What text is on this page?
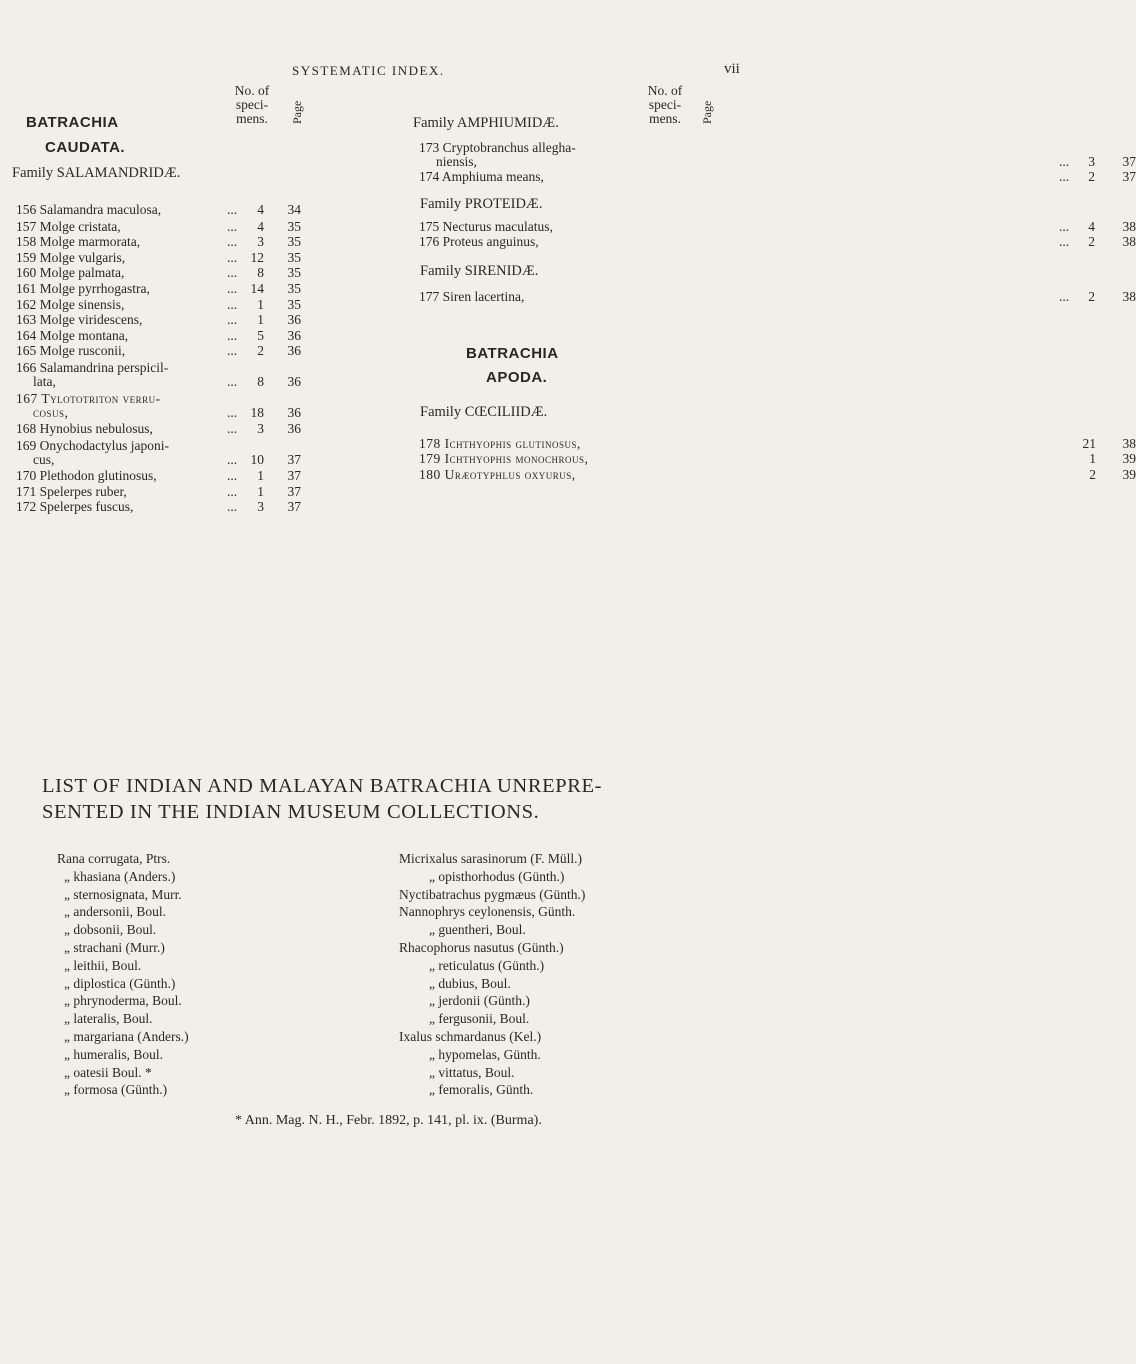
SYSTEMATIC INDEX.	vii
No. of
speci-
mens.	Page
No. of
speci-
mens.	Page
BATRACHIA
CAUDATA.
Family SALAMANDRIDÆ.
156 Salamandra maculosa,	...	4	34
157 Molge cristata,	...	4	35
158 Molge marmorata,	...	3	35
159 Molge vulgaris,	... 12	35
160 Molge palmata,	...	8	35
161 Molge pyrrhogastra,	... 14	35
162 Molge sinensis,	...	1	35
163 Molge viridescens,	...	1	36
164 Molge montana,	...	5	36
165 Molge rusconii,	...	2	36
166 Salamandrina perspicil-
lata,	...	8	36
167 Tylototriton verru-
cosus,	... 18	36
168 Hynobius nebulosus,	...	3	36
169 Onychodactylus japoni-
cus,	... 10	37
170 Plethodon glutinosus,	...	1	37
171 Spelerpes ruber,	...	1	37
172 Spelerpes fuscus,	...	3	37
Family AMPHIUMIDÆ.
Family PROTEIDÆ.
Family SIRENIDÆ.
BATRACHIA
APODA.
Family CŒCILIIDÆ.
173 Cryptobranchus allegha-
niensis,	...	3	37
174 Amphiuma means,	...	2	37
175 Necturus maculatus,	...	4	38
176 Proteus anguinus,	...	2	38
177 Siren lacertina,	...	2	38
178 Ichthyophis glutinosus,	21	38
179 Ichthyophis monochrous,	1	39
180 Uræotyphlus oxyurus,	2	39
LIST OF INDIAN AND MALAYAN BATRACHIA UNREPRE-
SENTED IN THE INDIAN MUSEUM COLLECTIONS.
Rana corrugata, Ptrs.
„ khasiana (Anders.)
„ sternosignata, Murr.
„ andersonii, Boul.
„ dobsonii, Boul.
„ strachani (Murr.)
„ leithii, Boul.
„ diplostica (Günth.)
„ phrynoderma, Boul.
„ lateralis, Boul.
„ margariana (Anders.)
„ humeralis, Boul.
„ oatesii Boul. *
„ formosa (Günth.)
Micrixalus sarasinorum (F. Müll.)
„ opisthorhodus (Günth.)
Nyctibatrachus pygmæus (Günth.)
Nannophrys ceylonensis, Günth.
„ guentheri, Boul.
Rhacophorus nasutus (Günth.)
„ reticulatus (Günth.)
„ dubius, Boul.
„ jerdonii (Günth.)
„ fergusonii, Boul.
Ixalus schmardanus (Kel.)
„ hypomelas, Günth.
„ vittatus, Boul.
„ femoralis, Günth.
* Ann. Mag. N. H., Febr. 1892, p. 141, pl. ix. (Burma).
